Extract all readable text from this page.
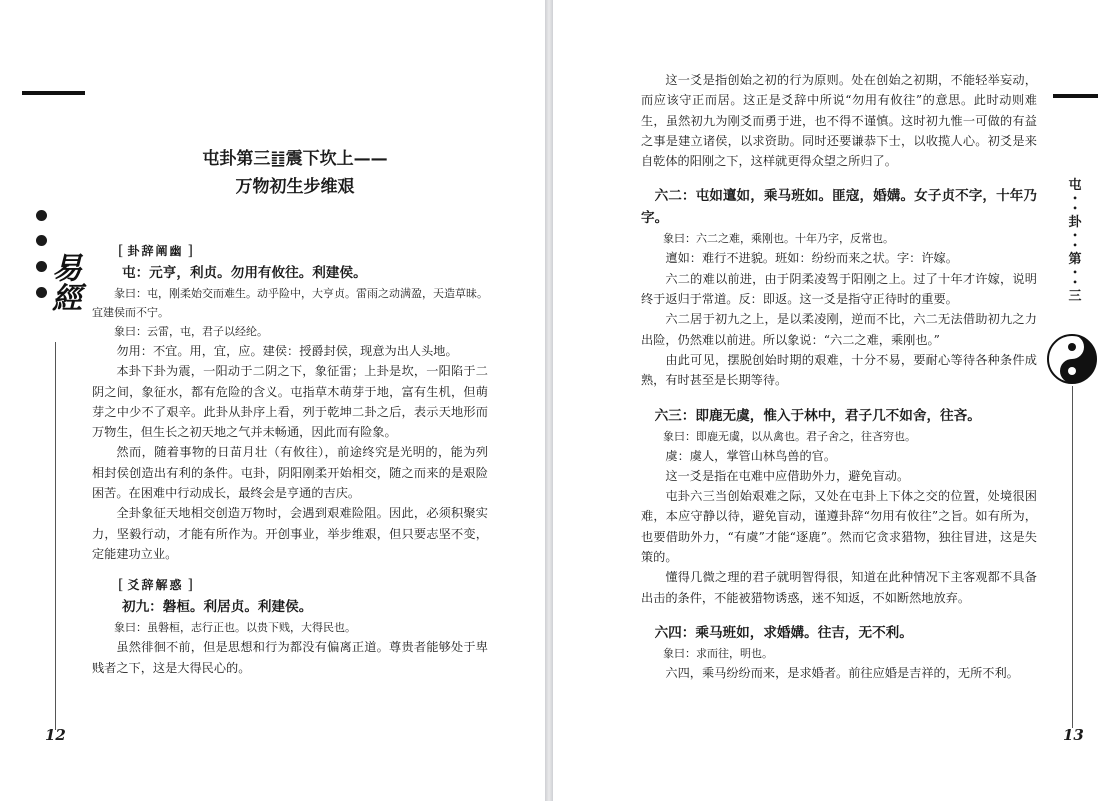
易經
12
屯卦第三䷂震下坎上——
万物初生步维艰

[ 卦辞阐幽 ]

屯：元亨，利贞。勿用有攸往。利建侯。

彖曰：屯，刚柔始交而难生。动乎险中，大亨贞。雷雨之动满盈，天造草昧。宜建侯而不宁。

象曰：云雷，屯，君子以经纶。

勿用：不宜。用，宜，应。建侯：授爵封侯，现意为出人头地。

本卦下卦为震，一阳动于二阴之下，象征雷；上卦是坎，一阳陷于二阴之间，象征水，都有危险的含义。屯指草木萌芽于地，富有生机，但萌芽之中少不了艰辛。此卦从卦序上看，列于乾坤二卦之后，表示天地形而万物生，但生长之初天地之气并未畅通，因此而有险象。

然而，随着事物的日苗月壮（有攸往），前途终究是光明的，能为列相封侯创造出有利的条件。屯卦，阴阳刚柔开始相交，随之而来的是艰险困苦。在困难中行动成长，最终会是亨通的吉庆。

全卦象征天地相交创造万物时，会遇到艰难险阻。因此，必须积聚实力，坚毅行动，才能有所作为。开创事业，举步维艰，但只要志坚不变，定能建功立业。

[ 爻辞解惑 ]

初九：磐桓。利居贞。利建侯。

象曰：虽磐桓，志行正也。以贵下贱，大得民也。

虽然徘徊不前，但是思想和行为都没有偏离正道。尊贵者能够处于卑贱者之下，这是大得民心的。

屯
•
•
卦
•
•
第
•
•
三
13

这一爻是指创始之初的行为原则。处在创始之初期，不能轻举妄动，而应该守正而居。这正是爻辞中所说“勿用有攸往”的意思。此时动则难生，虽然初九为刚爻而勇于进，也不得不谨慎。这时初九惟一可做的有益之事是建立诸侯，以求资助。同时还要谦恭下士，以收揽人心。初爻是来自乾体的阳刚之下，这样就更得众望之所归了。

六二：屯如邅如，乘马班如。匪寇，婚媾。女子贞不字，十年乃字。

象曰：六二之难，乘刚也。十年乃字，反常也。

邅如：难行不进貌。班如：纷纷而来之状。字：许嫁。

六二的难以前进，由于阴柔凌驾于阳刚之上。过了十年才许嫁，说明终于返归于常道。反：即返。这一爻是指守正待时的重要。

六二居于初九之上，是以柔凌刚，逆而不比，六二无法借助初九之力出险，仍然难以前进。所以象说：“六二之难，乘刚也。”

由此可见，摆脱创始时期的艰难，十分不易，要耐心等待各种条件成熟，有时甚至是长期等待。

六三：即鹿无虞，惟入于林中，君子几不如舍，往吝。

象曰：即鹿无虞，以从禽也。君子舍之，往吝穷也。

虞：虞人，掌管山林鸟兽的官。

这一爻是指在屯难中应借助外力，避免盲动。

屯卦六三当创始艰难之际，又处在屯卦上下体之交的位置，处境很困难，本应守静以待，避免盲动，谨遵卦辞“勿用有攸往”之旨。如有所为，也要借助外力，“有虞”才能“逐鹿”。然而它贪求猎物，独往冒进，这是失策的。

懂得几微之理的君子就明智得很，知道在此种情况下主客观都不具备出击的条件，不能被猎物诱惑，迷不知返，不如断然地放弃。

六四：乘马班如，求婚媾。往吉，无不利。

象曰：求而往，明也。

六四，乘马纷纷而来，是求婚者。前往应婚是吉祥的，无所不利。
